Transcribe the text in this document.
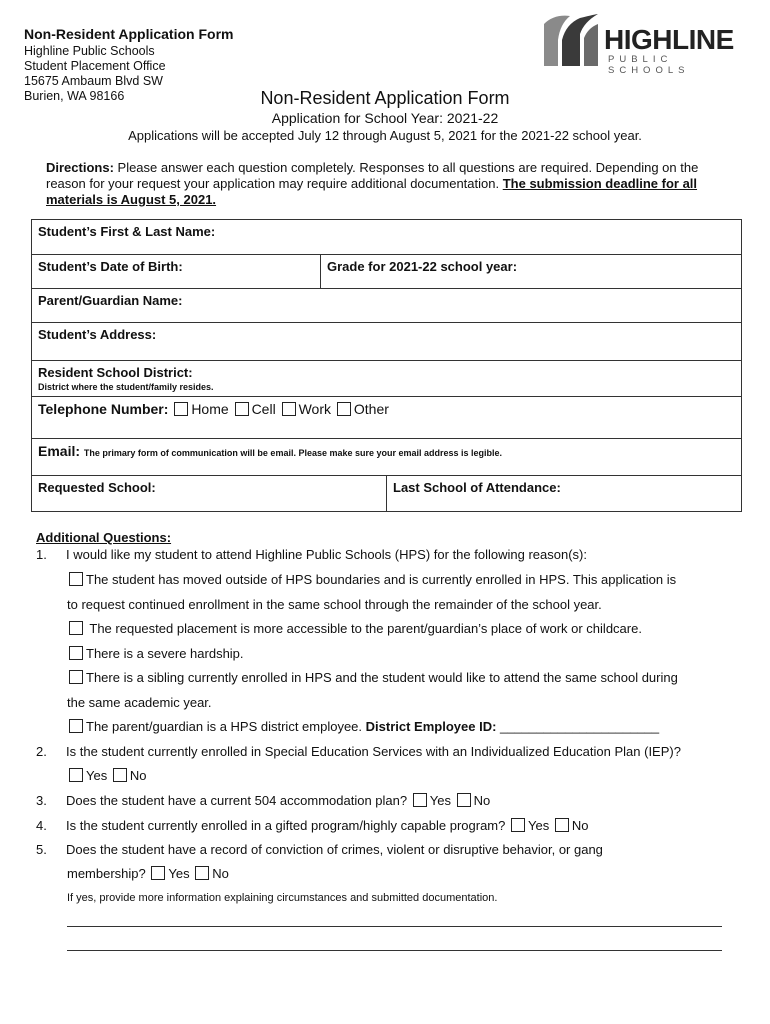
Non-Resident Application Form
Highline Public Schools
Student Placement Office
15675 Ambaum Blvd SW
Burien, WA 98166
HIGHLINE
PUBLIC SCHOOLS
Non-Resident Application Form
Application for School Year: 2021-22
Applications will be accepted July 12 through August 5, 2021 for the 2021-22 school year.
Directions: Please answer each question completely. Responses to all questions are required. Depending on the reason for your request your application may require additional documentation. The submission deadline for all materials is August 5, 2021.
Student’s First & Last Name:
Student’s Date of Birth:	Grade for 2021-22 school year:
Parent/Guardian Name:
Student’s Address:
Resident School District:
District where the student/family resides.
Telephone Number: Home Cell Work Other
Email: The primary form of communication will be email. Please make sure your email address is legible.
Requested School:	Last School of Attendance:
Additional Questions:
1. I would like my student to attend Highline Public Schools (HPS) for the following reason(s):
The student has moved outside of HPS boundaries and is currently enrolled in HPS. This application is
to request continued enrollment in the same school through the remainder of the school year.
The requested placement is more accessible to the parent/guardian’s place of work or childcare.
There is a severe hardship.
There is a sibling currently enrolled in HPS and the student would like to attend the same school during
the same academic year.
The parent/guardian is a HPS district employee. District Employee ID: ______________________
2. Is the student currently enrolled in Special Education Services with an Individualized Education Plan (IEP)?
Yes No
3. Does the student have a current 504 accommodation plan? Yes No
4. Is the student currently enrolled in a gifted program/highly capable program? Yes No
5. Does the student have a record of conviction of crimes, violent or disruptive behavior, or gang
membership? Yes No
If yes, provide more information explaining circumstances and submitted documentation.
